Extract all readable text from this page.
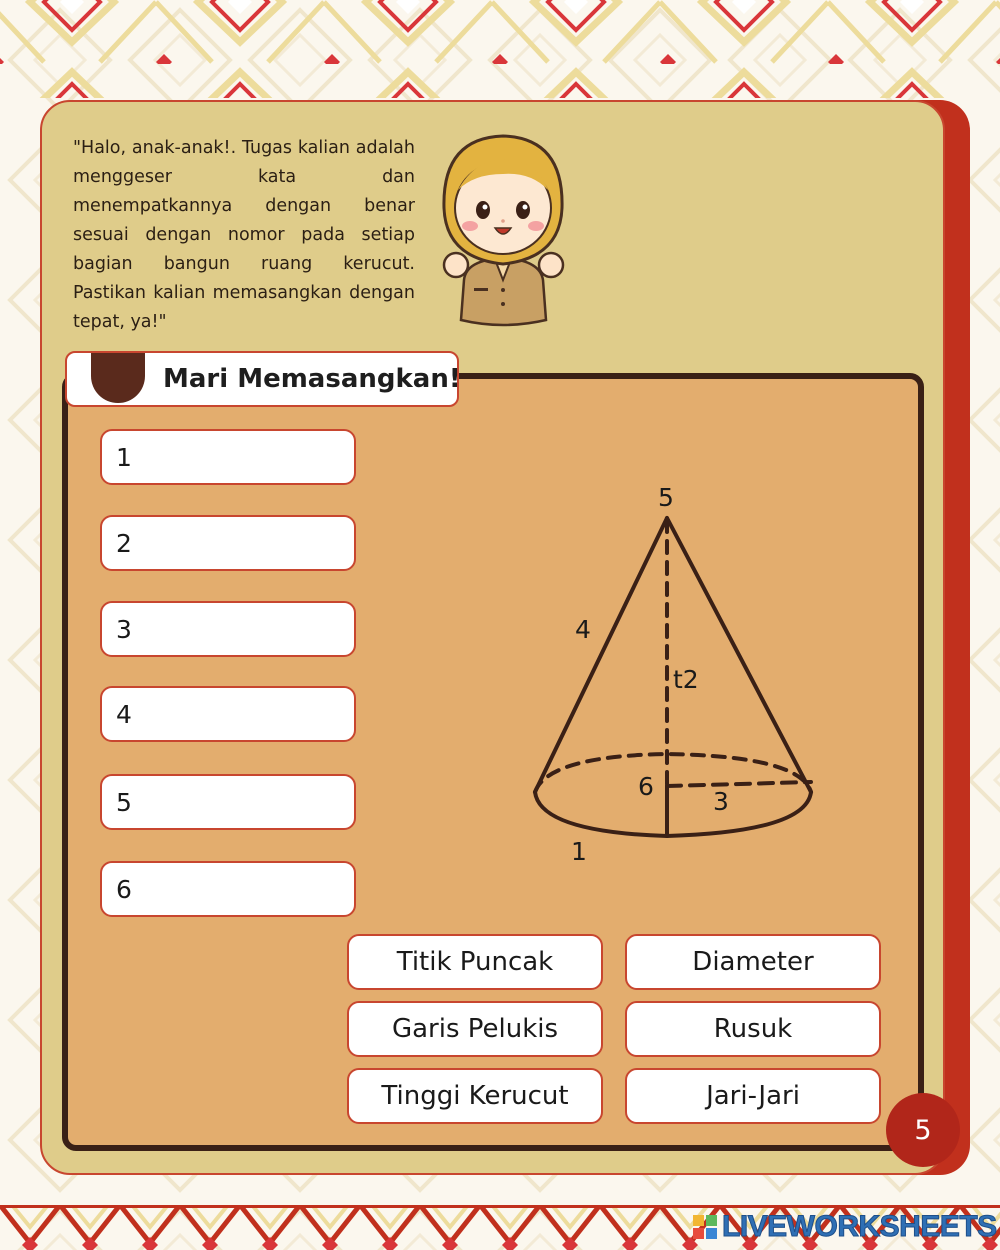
"Halo, anak-anak!. Tugas kalian adalah menggeser kata dan menempatkannya dengan benar sesuai dengan nomor pada setiap bagian bangun ruang kerucut. Pastikan kalian memasangkan dengan tepat, ya!"

Mari Memasangkan!
1
2
3
4
5
6
5
4
t2
6
3
1
Titik Puncak	Diameter
Garis Pelukis	Rusuk
Tinggi Kerucut	Jari-Jari
5
LIVEWORKSHEETS
